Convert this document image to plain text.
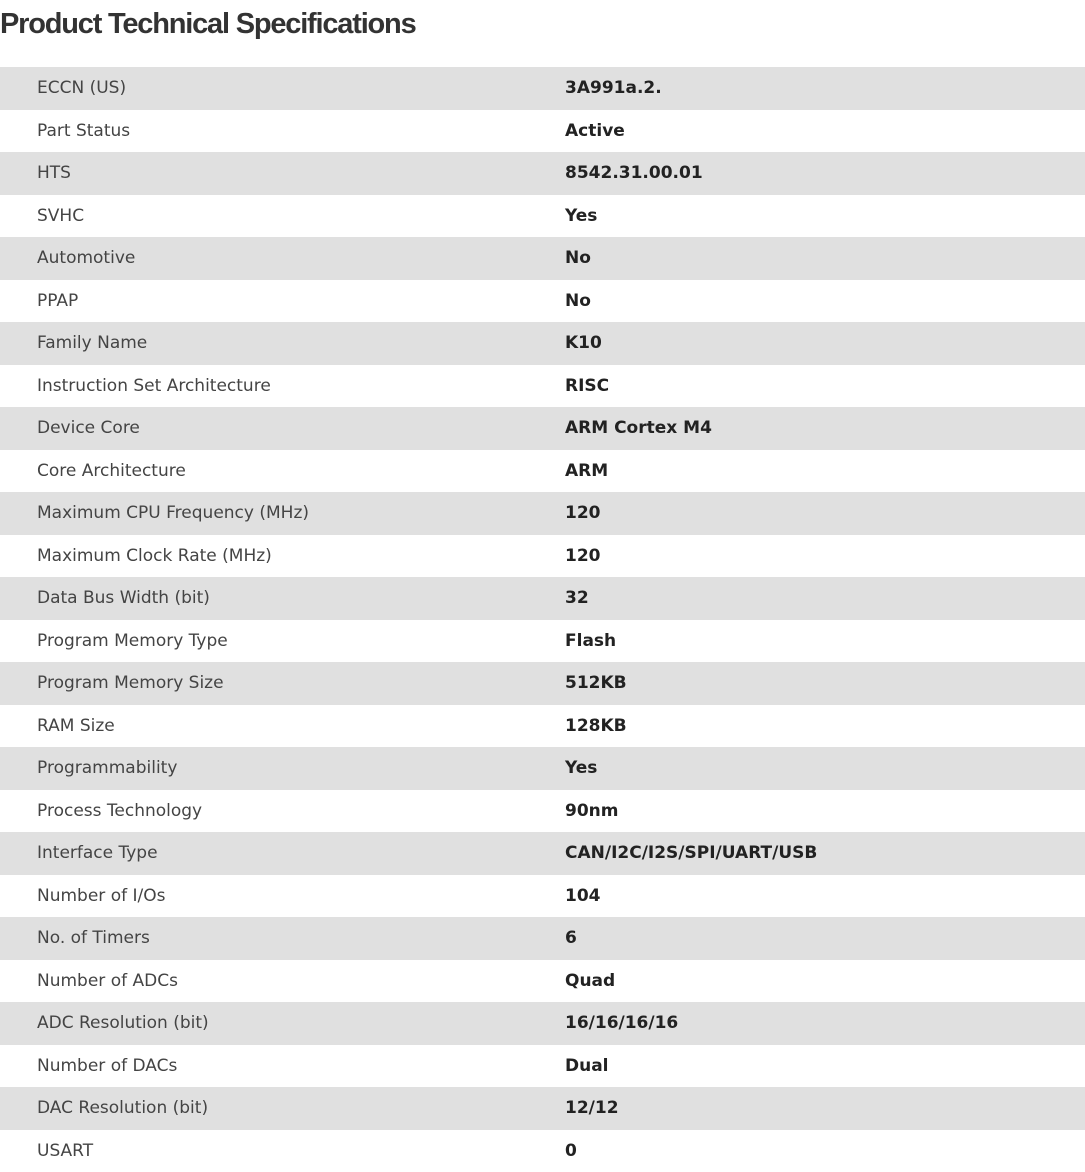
Product Technical Specifications
ECCN (US)	3A991a.2.
Part Status	Active
HTS	8542.31.00.01
SVHC	Yes
Automotive	No
PPAP	No
Family Name	K10
Instruction Set Architecture	RISC
Device Core	ARM Cortex M4
Core Architecture	ARM
Maximum CPU Frequency (MHz)	120
Maximum Clock Rate (MHz)	120
Data Bus Width (bit)	32
Program Memory Type	Flash
Program Memory Size	512KB
RAM Size	128KB
Programmability	Yes
Process Technology	90nm
Interface Type	CAN/I2C/I2S/SPI/UART/USB
Number of I/Os	104
No. of Timers	6
Number of ADCs	Quad
ADC Resolution (bit)	16/16/16/16
Number of DACs	Dual
DAC Resolution (bit)	12/12
USART	0
